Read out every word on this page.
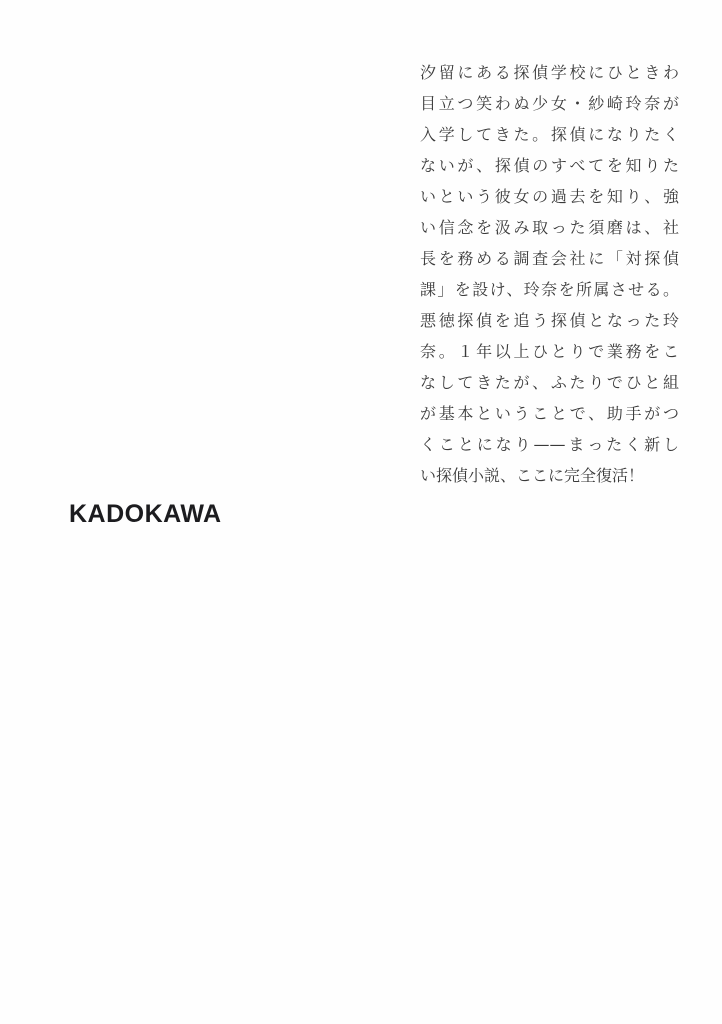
汐留にある探偵学校にひときわ
目立つ笑わぬ少女・紗崎玲奈が
入学してきた。探偵になりたく
ないが、探偵のすべてを知りた
いという彼女の過去を知り、強
い信念を汲み取った須磨は、社
長を務める調査会社に「対探偵
課」を設け、玲奈を所属させる。
悪徳探偵を追う探偵となった玲
奈。１年以上ひとりで業務をこ
なしてきたが、ふたりでひと組
が基本ということで、助手がつ
くことになり——まったく新し
い探偵小説、ここに完全復活！
KADOKAWA
